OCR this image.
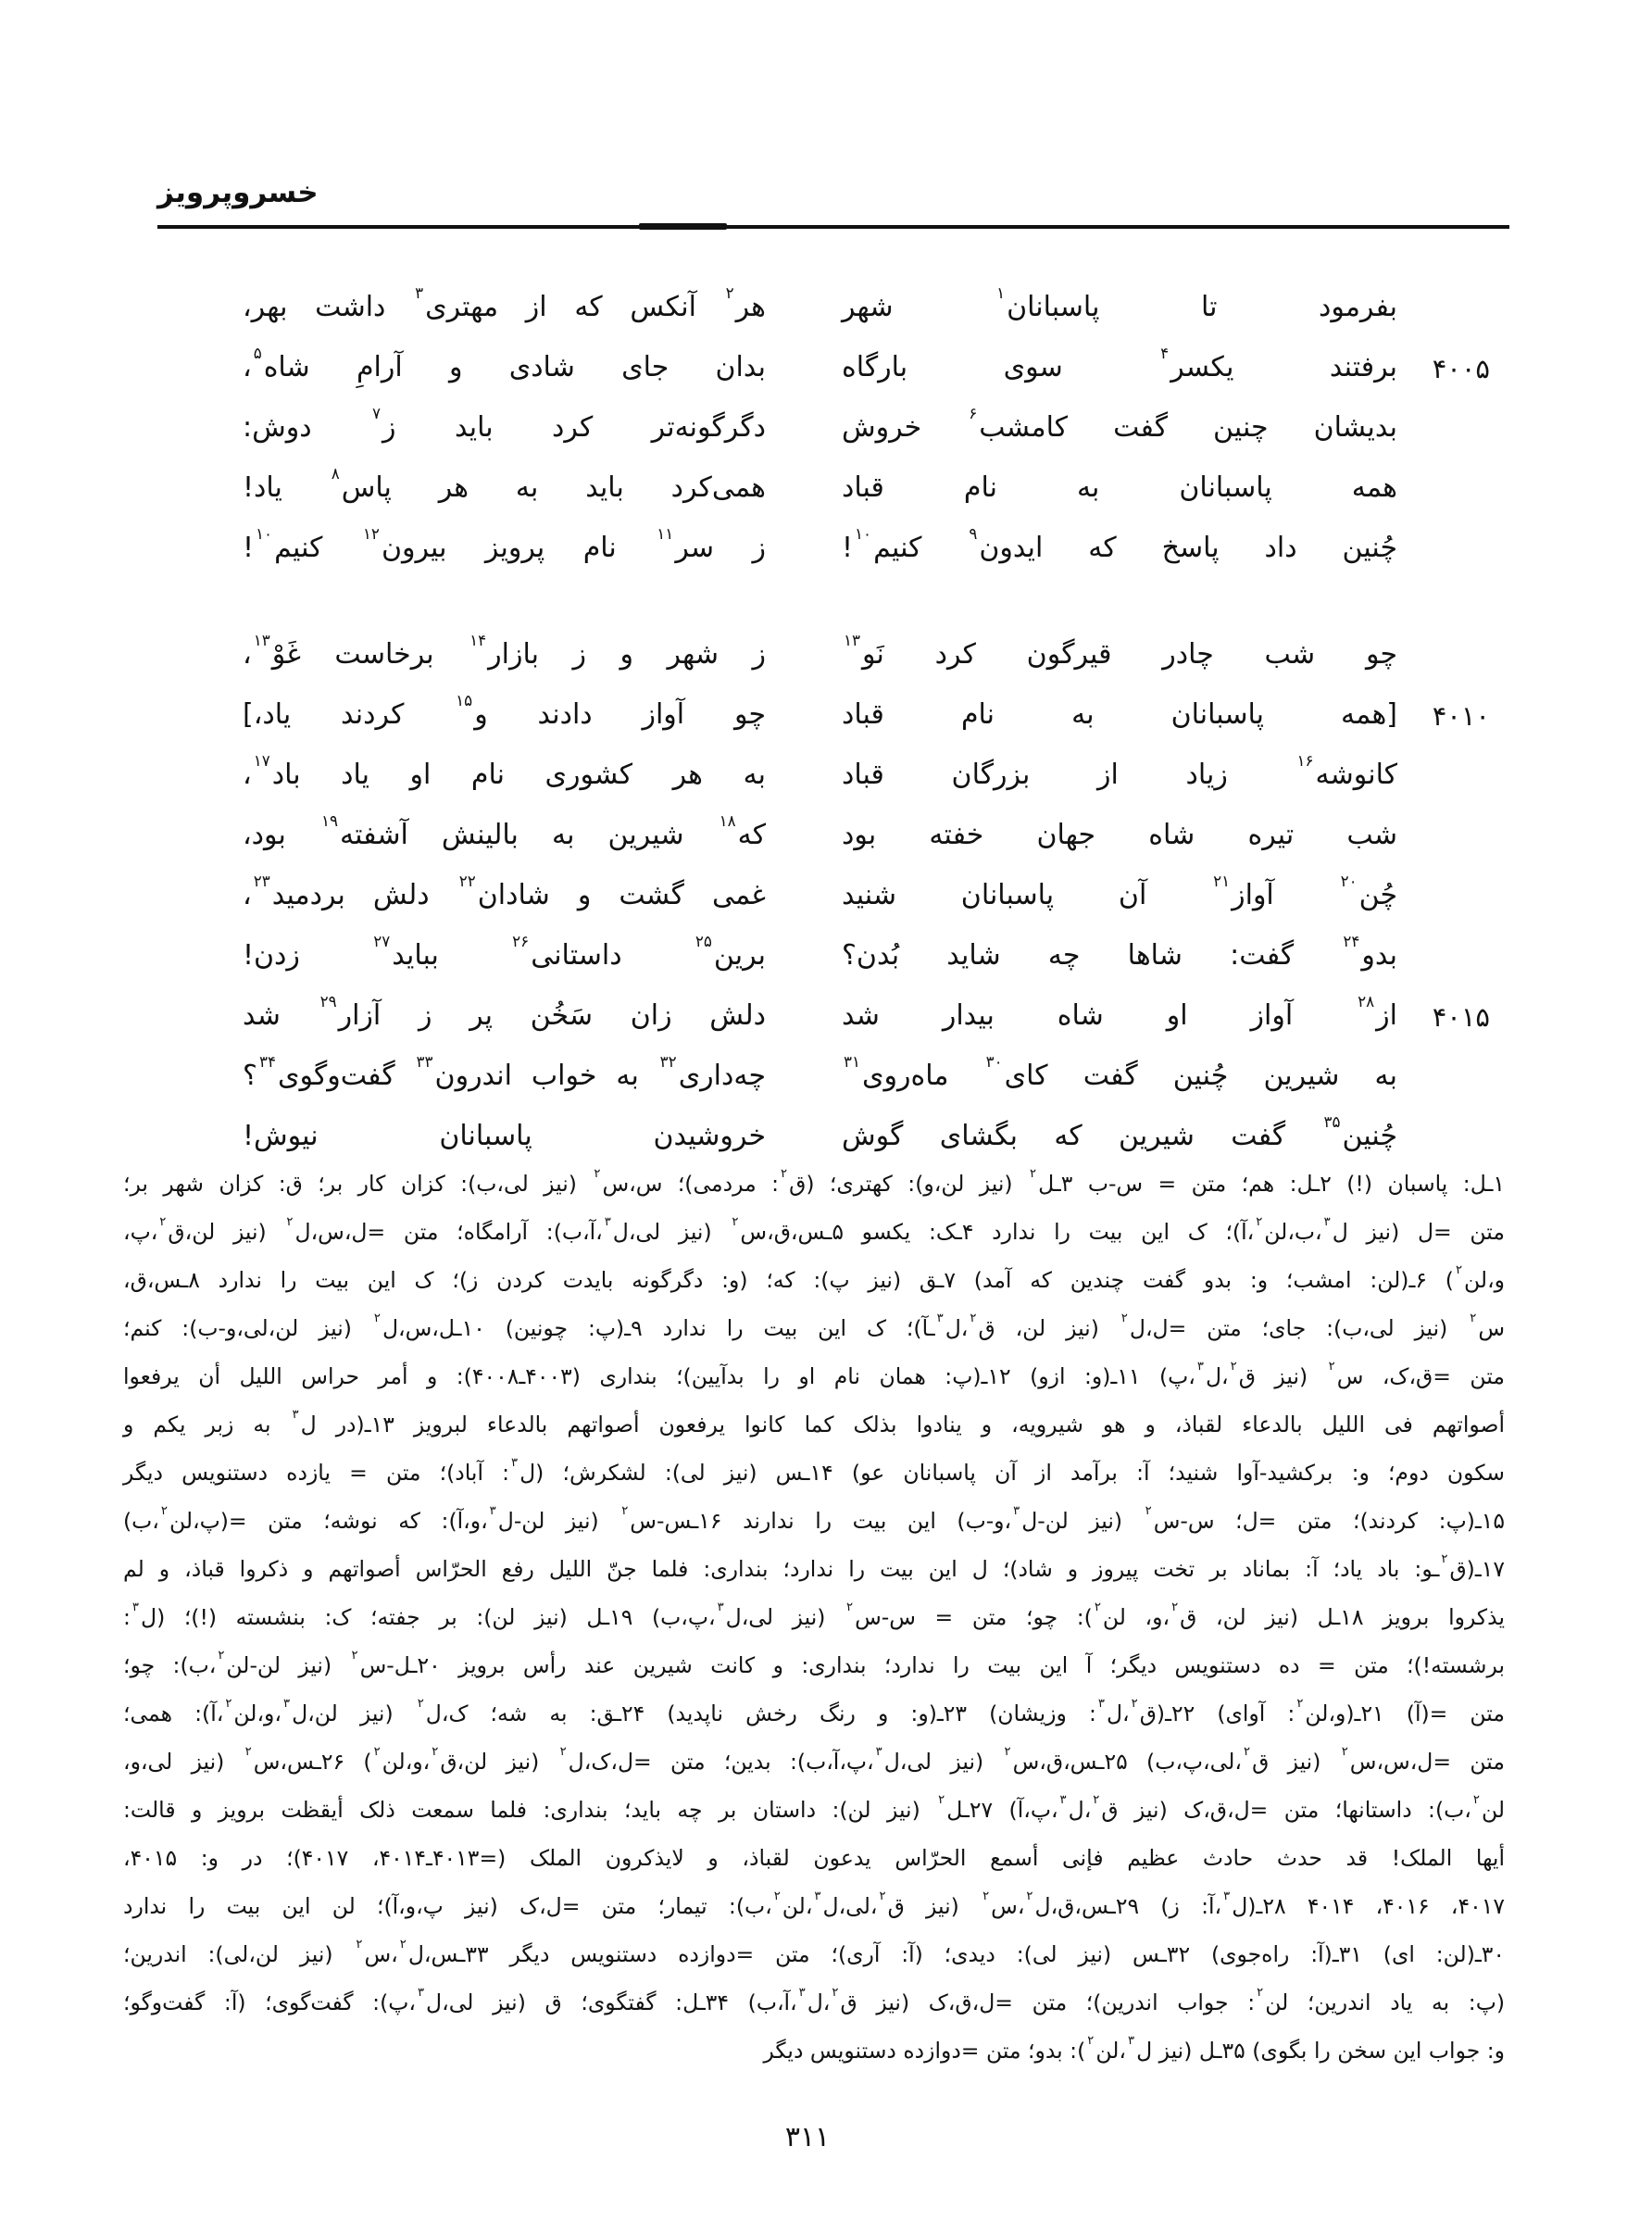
خسروپرویز
بفرمود تا پاسبانان$^۱$ شهر
هر$^۲$ آنکس که از مهتری$^۳$ داشت بهر،
۴۰۰۵
برفتند یکسر$^۴$ سوی بارگاه
بدان جای شادی و آرامِ شاه$^۵$،
بدیشان چنین گفت کامشب$^۶$ خروش
دگرگونه‌تر کرد باید ز$^۷$ دوش:
همه پاسبانان به نام قباد
همی‌کرد باید به هر پاس$^۸$ یاد!
چُنین داد پاسخ که ایدون$^۹$ کنیم$^{۱۰}$!
ز سر$^{۱۱}$ نام پرویز بیرون$^{۱۲}$ کنیم$^{۱۰}$!
چو شب چادر قیرگون کرد نَو$^{۱۳}$
ز شهر و ز بازار$^{۱۴}$ برخاست غَوْ$^{۱۳}$،
۴۰۱۰
[همه پاسبانان به نام قباد
چو آواز دادند و$^{۱۵}$ کردند یاد،]
کانوشه$^{۱۶}$ زیاد از بزرگان قباد
به هر کشوری نام او یاد باد$^{۱۷}$،
شب تیره شاه جهان خفته بود
که$^{۱۸}$ شیرین به بالینش آشفته$^{۱۹}$ بود،
چُن$^{۲۰}$ آواز$^{۲۱}$ آن پاسبانان شنید
غمی گشت و شادان$^{۲۲}$ دلش بردمید$^{۲۳}$،
بدو$^{۲۴}$ گفت: شاها چه شاید بُدن؟
برین$^{۲۵}$ داستانی$^{۲۶}$ بباید$^{۲۷}$ زدن!
۴۰۱۵
از$^{۲۸}$ آواز او شاه بیدار شد
دلش زان سَخُن پر ز آزار$^{۲۹}$ شد
به شیرین چُنین گفت کای$^{۳۰}$ ماه‌روی$^{۳۱}$
چه‌داری$^{۳۲}$ به خواب اندرون$^{۳۳}$ گفت‌وگوی$^{۳۴}$؟
چُنین$^{۳۵}$ گفت شیرین که بگشای گوش
خروشیدن پاسبانان نیوش!
۱ـل: پاسبان (!) ۲ـل: هم؛ متن = س-ب ۳ـل$^۲$ (نیز لن،و): کهتری؛ (ق$^۲$: مردمی)؛ س،س$^۲$ (نیز لی،ب): کزان کار بر؛ ق: کزان شهر بر؛
متن =ل (نیز ل$^۳$،ب،لن$^۲$،آ)؛ ک این بیت را ندارد ۴ـک: یکسو ۵ـس،ق،س$^۲$ (نیز لی،ل$^۳$،آ،ب): آرامگاه؛ متن =ل،س،ل$^۲$ (نیز لن،ق$^۲$،پ،
و،لن$^۲$) ۶ـ(لن: امشب؛ و: بدو گفت چندین که آمد) ۷ـق (نیز پ): که؛ (و: دگرگونه بایدت کردن ز)؛ ک این بیت را ندارد ۸ـس،ق،
س$^۲$ (نیز لی،ب): جای؛ متن =ل،ل$^۲$ (نیز لن، ق$^۲$،ل$^۳$ـآ)؛ ک این بیت را ندارد ۹ـ(پ: چونین) ۱۰ـل،س،ل$^۲$ (نیز لن،لی،و-ب): کنم؛
متن =ق،ک، س$^۲$ (نیز ق$^۲$،ل$^۳$،پ) ۱۱ـ(و: ازو) ۱۲ـ(پ: همان نام او را بدآیین)؛ بنداری (۴۰۰۳ـ۴۰۰۸): و أمر حراس اللیل أن یرفعوا
أصواتهم فی اللیل بالدعاء لقباذ، و هو شیرویه، و ینادوا بذلک کما کانوا یرفعون أصواتهم بالدعاء لبرویز ۱۳ـ(در ل$^۳$ به زبر یکم و
سکون دوم؛ و: برکشید-آوا شنید؛ آ: برآمد از آن پاسبانان عو) ۱۴ـس (نیز لی): لشکرش؛ (ل$^۳$: آباد)؛ متن = یازده دستنویس دیگر
۱۵ـ(پ: کردند)؛ متن =ل؛ س-س$^۲$ (نیز لن-ل$^۳$،و-ب) این بیت را ندارند ۱۶ـس-س$^۲$ (نیز لن-ل$^۳$،و،آ): که نوشه؛ متن =(پ،لن$^۲$،ب)
۱۷ـ(ق$^۲$ـو: باد یاد؛ آ: بماناد بر تخت پیروز و شاد)؛ ل این بیت را ندارد؛ بنداری: فلما جنّ اللیل رفع الحرّاس أصواتهم و ذکروا قباذ، و لم
یذکروا برویز ۱۸ـل (نیز لن، ق$^۲$،و، لن$^۲$): چو؛ متن = س-س$^۲$ (نیز لی،ل$^۳$،پ،ب) ۱۹ـل (نیز لن): بر جفته؛ ک: بنشسته (!)؛ (ل$^۳$:
برشسته!)؛ متن = ده دستنویس دیگر؛ آ این بیت را ندارد؛ بنداری: و کانت شیرین عند رأس برویز ۲۰ـل-س$^۲$ (نیز لن-لن$^۲$،ب): چو؛
متن =(آ) ۲۱ـ(و،لن$^۲$: آوای) ۲۲ـ(ق$^۲$،ل$^۳$: وزیشان) ۲۳ـ(و: و رنگ رخش ناپدید) ۲۴ـق: به شه؛ ک،ل$^۲$ (نیز لن،ل$^۳$،و،لن$^۲$،آ): همی؛
متن =ل،س،س$^۲$ (نیز ق$^۲$،لی،پ،ب) ۲۵ـس،ق،س$^۲$ (نیز لی،ل$^۳$،پ،آ،ب): بدین؛ متن =ل،ک،ل$^۲$ (نیز لن،ق$^۲$،و،لن$^۲$) ۲۶ـس،س$^۲$ (نیز لی،و،
لن$^۲$،ب): داستانها؛ متن =ل،ق،ک (نیز ق$^۲$،ل$^۳$،پ،آ) ۲۷ـل$^۲$ (نیز لن): داستان بر چه باید؛ بنداری: فلما سمعت ذلک أیقظت برویز و قالت:
أیها الملک! قد حدث حادث عظیم فإنی أسمع الحرّاس یدعون لقباذ، و لایذکرون الملک (=۴۰۱۳ـ۴۰۱۴، ۴۰۱۷)؛ در و: ۴۰۱۵،
۴۰۱۷، ۴۰۱۶، ۴۰۱۴ ۲۸ـ(ل$^۳$،آ: ز) ۲۹ـس،ق،ل$^۲$،س$^۲$ (نیز ق$^۲$،لی،ل$^۳$،لن$^۲$،ب): تیمار؛ متن =ل،ک (نیز پ،و،آ)؛ لن این بیت را ندارد
۳۰ـ(لن: ای) ۳۱ـ(آ: راه‌جوی) ۳۲ـس (نیز لی): دیدی؛ (آ: آری)؛ متن =دوازده دستنویس دیگر ۳۳ـس،ل$^۲$،س$^۲$ (نیز لن،لی): اندرین؛
(پ: به یاد اندرین؛ لن$^۲$: جواب اندرین)؛ متن =ل،ق،ک (نیز ق$^۲$،ل$^۳$،آ،ب) ۳۴ـل: گفتگوی؛ ق (نیز لی،ل$^۳$،پ): گفت‌گوی؛ (آ: گفت‌وگو؛
و: جواب این سخن را بگوی) ۳۵ـل (نیز ل$^۳$،لن$^۲$): بدو؛ متن =دوازده دستنویس دیگر
۳۱۱
